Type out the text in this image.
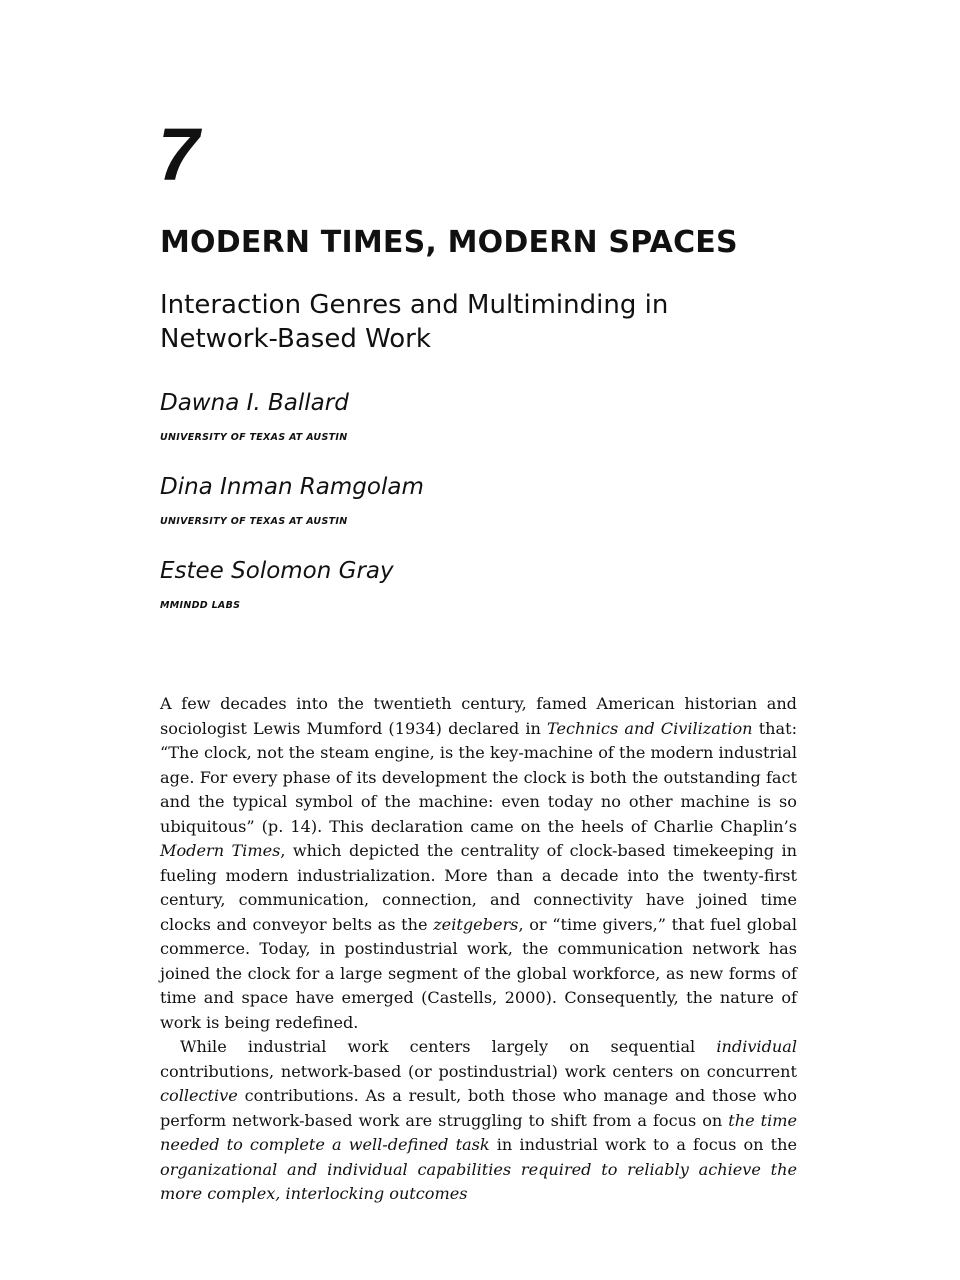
7
MODERN TIMES, MODERN SPACES
Interaction Genres and Multiminding in Network-Based Work
Dawna I. Ballard
UNIVERSITY OF TEXAS AT AUSTIN
Dina Inman Ramgolam
UNIVERSITY OF TEXAS AT AUSTIN
Estee Solomon Gray
MMINDD LABS

A few decades into the twentieth century, famed American historian and sociologist Lewis Mumford (1934) declared in Technics and Civilization that: “The clock, not the steam engine, is the key-machine of the modern industrial age. For every phase of its development the clock is both the outstanding fact and the typical symbol of the machine: even today no other machine is so ubiquitous” (p. 14). This declaration came on the heels of Charlie Chaplin’s Modern Times, which depicted the centrality of clock-based timekeeping in fueling modern industrialization. More than a decade into the twenty-first century, communication, connection, and connectivity have joined time clocks and conveyor belts as the zeitgebers, or “time givers,” that fuel global commerce. Today, in postindustrial work, the communication network has joined the clock for a large segment of the global workforce, as new forms of time and space have emerged (Castells, 2000). Consequently, the nature of work is being redefined.

While industrial work centers largely on sequential individual contributions, network-based (or postindustrial) work centers on concurrent collective contributions. As a result, both those who manage and those who perform network-based work are struggling to shift from a focus on the time needed to complete a well-defined task in industrial work to a focus on the organizational and individual capabilities required to reliably achieve the more complex, interlocking outcomes
